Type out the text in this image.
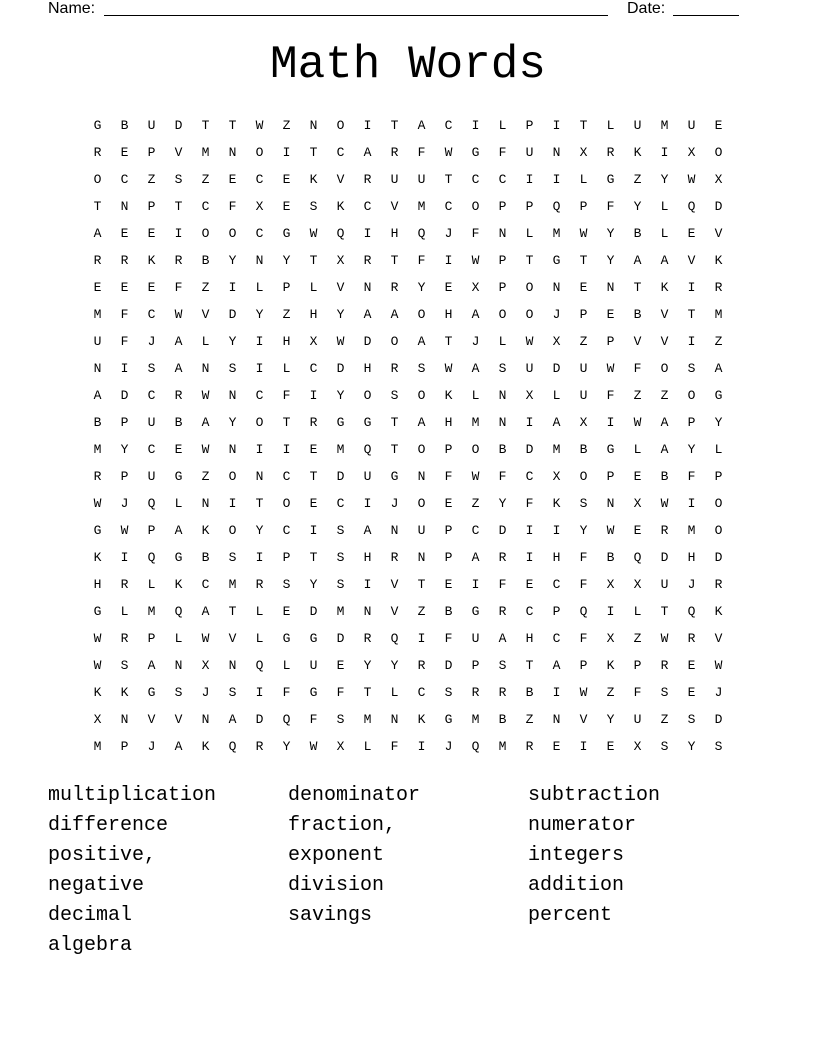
Name:	Date:
Math Words
G	B	U	D	T	T	W	Z	N	O	I	T	A	C	I	L	P	I	T	L	U	M	U	E
R	E	P	V	M	N	O	I	T	C	A	R	F	W	G	F	U	N	X	R	K	I	X	O
O	C	Z	S	Z	E	C	E	K	V	R	U	U	T	C	C	I	I	L	G	Z	Y	W	X
T	N	P	T	C	F	X	E	S	K	C	V	M	C	O	P	P	Q	P	F	Y	L	Q	D
A	E	E	I	O	O	C	G	W	Q	I	H	Q	J	F	N	L	M	W	Y	B	L	E	V
R	R	K	R	B	Y	N	Y	T	X	R	T	F	I	W	P	T	G	T	Y	A	A	V	K
E	E	E	F	Z	I	L	P	L	V	N	R	Y	E	X	P	O	N	E	N	T	K	I	R
M	F	C	W	V	D	Y	Z	H	Y	A	A	O	H	A	O	O	J	P	E	B	V	T	M
U	F	J	A	L	Y	I	H	X	W	D	O	A	T	J	L	W	X	Z	P	V	V	I	Z
N	I	S	A	N	S	I	L	C	D	H	R	S	W	A	S	U	D	U	W	F	O	S	A
A	D	C	R	W	N	C	F	I	Y	O	S	O	K	L	N	X	L	U	F	Z	Z	O	G
B	P	U	B	A	Y	O	T	R	G	G	T	A	H	M	N	I	A	X	I	W	A	P	Y
M	Y	C	E	W	N	I	I	E	M	Q	T	O	P	O	B	D	M	B	G	L	A	Y	L
R	P	U	G	Z	O	N	C	T	D	U	G	N	F	W	F	C	X	O	P	E	B	F	P
W	J	Q	L	N	I	T	O	E	C	I	J	O	E	Z	Y	F	K	S	N	X	W	I	O
G	W	P	A	K	O	Y	C	I	S	A	N	U	P	C	D	I	I	Y	W	E	R	M	O
K	I	Q	G	B	S	I	P	T	S	H	R	N	P	A	R	I	H	F	B	Q	D	H	D
H	R	L	K	C	M	R	S	Y	S	I	V	T	E	I	F	E	C	F	X	X	U	J	R
G	L	M	Q	A	T	L	E	D	M	N	V	Z	B	G	R	C	P	Q	I	L	T	Q	K
W	R	P	L	W	V	L	G	G	D	R	Q	I	F	U	A	H	C	F	X	Z	W	R	V
W	S	A	N	X	N	Q	L	U	E	Y	Y	R	D	P	S	T	A	P	K	P	R	E	W
K	K	G	S	J	S	I	F	G	F	T	L	C	S	R	R	B	I	W	Z	F	S	E	J
X	N	V	V	N	A	D	Q	F	S	M	N	K	G	M	B	Z	N	V	Y	U	Z	S	D
M	P	J	A	K	Q	R	Y	W	X	L	F	I	J	Q	M	R	E	I	E	X	S	Y	S
multiplication	denominator	subtraction
difference	fraction,	numerator
positive,	exponent	integers
negative	division	addition
decimal	savings	percent
algebra
